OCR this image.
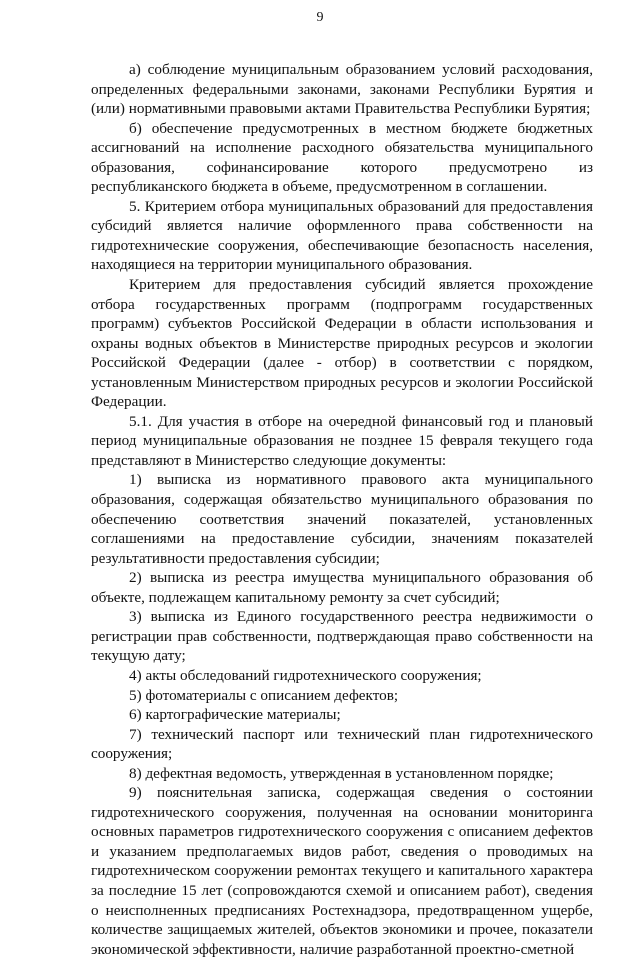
9

а) соблюдение муниципальным образованием условий расходования, определенных федеральными законами, законами Республики Бурятия и (или) нормативными правовыми актами Правительства Республики Бурятия;

б) обеспечение предусмотренных в местном бюджете бюджетных ассигнований на исполнение расходного обязательства муниципального образования, софинансирование которого предусмотрено из республиканского бюджета в объеме, предусмотренном в соглашении.

5. Критерием отбора муниципальных образований для предоставления субсидий является наличие оформленного права собственности на гидротехнические сооружения, обеспечивающие безопасность населения, находящиеся на территории муниципального образования.

Критерием для предоставления субсидий является прохождение отбора государственных программ (подпрограмм государственных программ) субъектов Российской Федерации в области использования и охраны водных объектов в Министерстве природных ресурсов и экологии Российской Федерации (далее - отбор) в соответствии с порядком, установленным Министерством природных ресурсов и экологии Российской Федерации.

5.1. Для участия в отборе на очередной финансовый год и плановый период муниципальные образования не позднее 15 февраля текущего года представляют в Министерство следующие документы:

1) выписка из нормативного правового акта муниципального образования, содержащая обязательство муниципального образования по обеспечению соответствия значений показателей, установленных соглашениями на предоставление субсидии, значениям показателей результативности предоставления субсидии;

2) выписка из реестра имущества муниципального образования об объекте, подлежащем капитальному ремонту за счет субсидий;

3) выписка из Единого государственного реестра недвижимости о регистрации прав собственности, подтверждающая право собственности на текущую дату;

4) акты обследований гидротехнического сооружения;

5) фотоматериалы с описанием дефектов;

6) картографические материалы;

7) технический паспорт или технический план гидротехнического сооружения;

8) дефектная ведомость, утвержденная в установленном порядке;

9) пояснительная записка, содержащая сведения о состоянии гидротехнического сооружения, полученная на основании мониторинга основных параметров гидротехнического сооружения с описанием дефектов и указанием предполагаемых видов работ, сведения о проводимых на гидротехническом сооружении ремонтах текущего и капитального характера за последние 15 лет (сопровождаются схемой и описанием работ), сведения о неисполненных предписаниях Ростехнадзора, предотвращенном ущербе, количестве защищаемых жителей, объектов экономики и прочее, показатели экономической эффективности, наличие разработанной проектно-сметной
